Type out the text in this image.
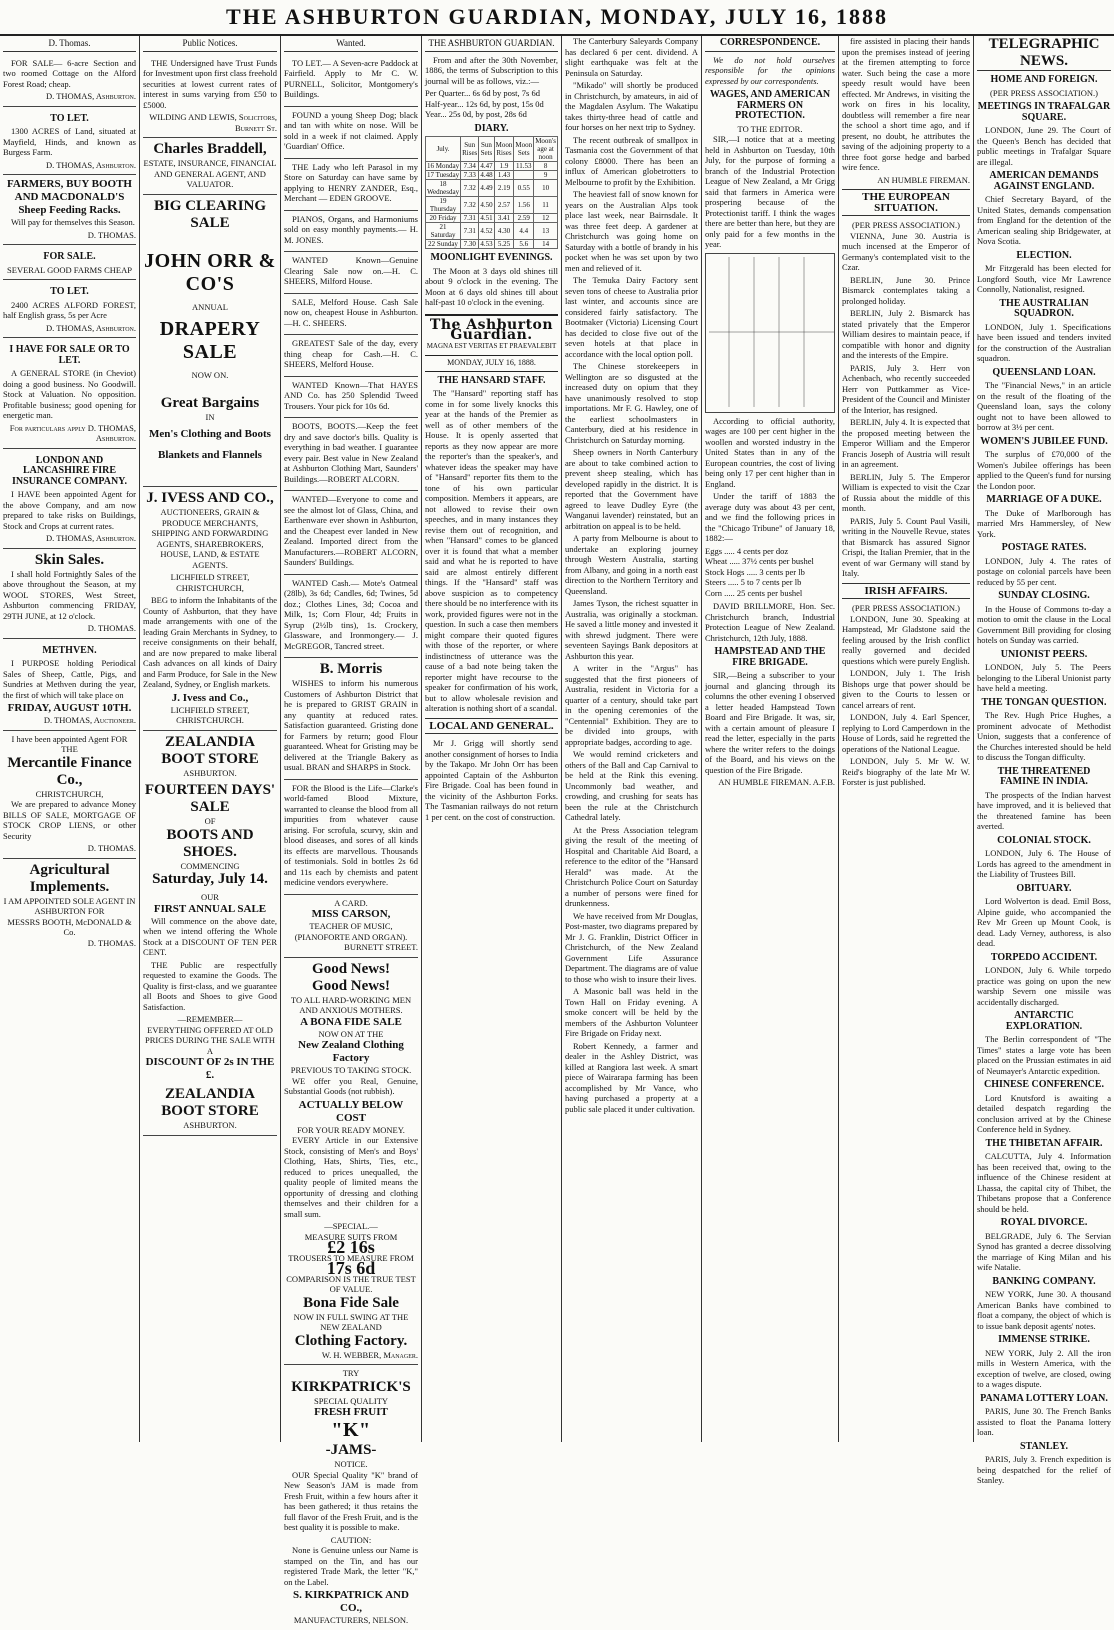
THE ASHBURTON GUARDIAN, MONDAY, JULY 16, 1888
D. Thomas.

FOR SALE— 6-acre Section and two roomed Cottage on the Alford Forest Road; cheap.

D. THOMAS, Ashburton.
TO LET.

1300 ACRES of Land, situated at Mayfield, Hinds, and known as Burgess Farm.

D. THOMAS, Ashburton.
FARMERS, BUY BOOTH AND MACDONALD'S Sheep Feeding Racks.

Will pay for themselves this Season.

D. THOMAS.
FOR SALE.
SEVERAL GOOD FARMS CHEAP
TO LET.

2400 ACRES ALFORD FOREST, half English grass, 5s per Acre

D. THOMAS, Ashburton.
I HAVE FOR SALE OR TO LET.

A GENERAL STORE (in Cheviot) doing a good business. No Goodwill. Stock at Valuation. No opposition. Profitable business; good opening for energetic man.

For particulars apply D. THOMAS, Ashburton.
LONDON AND LANCASHIRE FIRE INSURANCE COMPANY.

I HAVE been appointed Agent for the above Company, and am now prepared to take risks on Buildings, Stock and Crops at current rates.

D. THOMAS, Ashburton.
Skin Sales.

I shall hold Fortnightly Sales of the above throughout the Season, at my WOOL STORES, West Street, Ashburton commencing FRIDAY, 29TH JUNE, at 12 o'clock.

D. THOMAS.
METHVEN.

I PURPOSE holding Periodical Sales of Sheep, Cattle, Pigs, and Sundries at Methven during the year, the first of which will take place on

FRIDAY, AUGUST 10TH.
D. THOMAS, Auctioneer.
I have been appointed Agent FOR THE
Mercantile Finance Co.,
CHRISTCHURCH,

We are prepared to advance Money BILLS OF SALE, MORTGAGE OF STOCK CROP LIENS, or other Security

D. THOMAS.
Agricultural Implements.
I AM APPOINTED SOLE AGENT IN ASHBURTON FOR
MESSRS BOOTH, McDONALD & Co.
D. THOMAS.
Public Notices.

THE Undersigned have Trust Funds for Investment upon first class freehold securities at lowest current rates of interest in sums varying from £50 to £5000.

WILDING AND LEWIS, Solicitors, Burnett St.
Charles Braddell,
ESTATE, INSURANCE, FINANCIAL AND GENERAL AGENT, AND VALUATOR.
BIG CLEARING SALE
JOHN ORR & CO'S
ANNUAL
DRAPERY SALE
NOW ON.
Great Bargains
IN
Men's Clothing and Boots
Blankets and Flannels
J. IVESS AND CO.,
AUCTIONEERS, GRAIN & PRODUCE MERCHANTS, SHIPPING AND FORWARDING AGENTS, SHAREBROKERS, HOUSE, LAND, & ESTATE AGENTS.
LICHFIELD STREET, CHRISTCHURCH,

BEG to inform the Inhabitants of the County of Ashburton, that they have made arrangements with one of the leading Grain Merchants in Sydney, to receive consignments on their behalf, and are now prepared to make liberal Cash advances on all kinds of Dairy and Farm Produce, for Sale in the New Zealand, Sydney, or English markets.

J. Ivess and Co.,
LICHFIELD STREET, CHRISTCHURCH.
ZEALANDIA
BOOT STORE
ASHBURTON.
FOURTEEN DAYS' SALE
OF
BOOTS AND SHOES.
COMMENCING
Saturday, July 14.
OUR
FIRST ANNUAL SALE

Will commence on the above date, when we intend offering the Whole Stock at a DISCOUNT OF TEN PER CENT.

THE Public are respectfully requested to examine the Goods. The Quality is first-class, and we guarantee all Boots and Shoes to give Good Satisfaction.

—REMEMBER—
EVERYTHING OFFERED AT OLD PRICES DURING THE SALE WITH A
DISCOUNT OF 2s IN THE £.
ZEALANDIA
BOOT STORE
ASHBURTON.
Wanted.

TO LET.— A Seven-acre Paddock at Fairfield. Apply to Mr C. W. PURNELL, Solicitor, Montgomery's Buildings.

FOUND a young Sheep Dog; black and tan with white on nose. Will be sold in a week if not claimed. Apply 'Guardian' Office.

THE Lady who left Parasol in my Store on Saturday can have same by applying to HENRY ZANDER, Esq., Merchant — EDEN GROOVE.

PIANOS, Organs, and Harmoniums sold on easy monthly payments.— H. M. JONES.

WANTED Known—Genuine Clearing Sale now on.—H. C. SHEERS, Milford House.

SALE, Melford House. Cash Sale now on, cheapest House in Ashburton.—H. C. SHEERS.

GREATEST Sale of the day, every thing cheap for Cash.—H. C. SHEERS, Melford House.

WANTED Known—That HAYES AND Co. has 250 Splendid Tweed Trousers. Your pick for 10s 6d.

BOOTS, BOOTS.—Keep the feet dry and save doctor's bills. Quality is everything in bad weather. I guarantee every pair. Best value in New Zealand at Ashburton Clothing Mart, Saunders' Buildings.—ROBERT ALCORN.

WANTED—Everyone to come and see the almost lot of Glass, China, and Earthenware ever shown in Ashburton, and the Cheapest ever landed in New Zealand. Imported direct from the Manufacturers.—ROBERT ALCORN, Saunders' Buildings.

WANTED Cash.— Mote's Oatmeal (28lb), 3s 6d; Candles, 6d; Twines, 5d doz.; Clothes Lines, 3d; Cocoa and Milk, 1s; Corn Flour, 4d; Fruits in Syrup (2½lb tins), 1s. Crockery, Glassware, and Ironmongery.— J. McGREGOR, Tancred street.

B. Morris

WISHES to inform his numerous Customers of Ashburton District that he is prepared to GRIST GRAIN in any quantity at reduced rates. Satisfaction guaranteed. Gristing done for Farmers by return; good Flour guaranteed. Wheat for Gristing may be delivered at the Triangle Bakery as usual. BRAN and SHARPS in Stock.

FOR the Blood is the Life—Clarke's world-famed Blood Mixture, warranted to cleanse the blood from all impurities from whatever cause arising. For scrofula, scurvy, skin and blood diseases, and sores of all kinds its effects are marvellous. Thousands of testimonials. Sold in bottles 2s 6d and 11s each by chemists and patent medicine vendors everywhere.

A CARD.
MISS CARSON,
TEACHER OF MUSIC, (PIANOFORTE AND ORGAN).
BURNETT STREET.
Good News!
Good News!
TO ALL HARD-WORKING MEN AND ANXIOUS MOTHERS.
A BONA FIDE SALE
NOW ON AT THE
New Zealand Clothing Factory
PREVIOUS TO TAKING STOCK.

WE offer you Real, Genuine, Substantial Goods (not rubbish).

ACTUALLY BELOW COST
FOR YOUR READY MONEY.

EVERY Article in our Extensive Stock, consisting of Men's and Boys' Clothing, Hats, Shirts, Ties, etc., reduced to prices unequalled, the quality people of limited means the opportunity of dressing and clothing themselves and their children for a small sum.

—SPECIAL.—
MEASURE SUITS FROM
£2 16s
TROUSERS TO MEASURE FROM
17s 6d
COMPARISON IS THE TRUE TEST OF VALUE.
Bona Fide Sale
NOW IN FULL SWING AT THE NEW ZEALAND
Clothing Factory.
W. H. WEBBER, Manager.
TRY
KIRKPATRICK'S
SPECIAL QUALITY
FRESH FRUIT
"K"
-JAMS-
NOTICE.

OUR Special Quality "K" brand of New Season's JAM is made from Fresh Fruit, within a few hours after it has been gathered; it thus retains the full flavor of the Fresh Fruit, and is the best quality it is possible to make.

CAUTION:

None is Genuine unless our Name is stamped on the Tin, and has our registered Trade Mark, the letter "K," on the Label.

S. KIRKPATRICK AND CO.,
MANUFACTURERS, NELSON.
THE ASHBURTON GUARDIAN.

From and after the 30th November, 1886, the terms of Subscription to this journal will be as follows, viz.:—

Per Quarter... 6s 6d by post, 7s 6d
Half-year... 12s 6d, by post, 15s 0d
Year... 25s 0d, by post, 28s 6d
DIARY.
July.	Sun Rises	Sun Sets	Moon Rises	Moon Sets	Moon's age at noon
16 Monday	7.34	4.47	1.9	11.53	8
17 Tuesday	7.33	4.48	1.43		9
18 Wednesday	7.32	4.49	2.19	0.55	10
19 Thursday	7.32	4.50	2.57	1.56	11
20 Friday	7.31	4.51	3.41	2.59	12
21 Saturday	7.31	4.52	4.30	4.4	13
22 Sunday	7.30	4.53	5.25	5.6	14
MOONLIGHT EVENINGS.

The Moon at 3 days old shines till about 9 o'clock in the evening. The Moon at 6 days old shines till about half-past 10 o'clock in the evening.

The Ashburton Guardian.
MAGNA EST VERITAS ET PRAEVALEBIT
MONDAY, JULY 16, 1888.
THE HANSARD STAFF.

The "Hansard" reporting staff has come in for some lively knocks this year at the hands of the Premier as well as of other members of the House. It is openly asserted that reports as they now appear are more the reporter's than the speaker's, and whatever ideas the speaker may have of "Hansard" reporter fits them to the tone of his own particular composition. Members it appears, are not allowed to revise their own speeches, and in many instances they revise them out of recognition, and when "Hansard" comes to be glanced over it is found that what a member said and what he is reported to have said are almost entirely different things. If the "Hansard" staff was above suspicion as to competency there should be no interference with its work, provided figures were not in the question. In such a case then members might compare their quoted figures with those of the reporter, or where indistinctness of utterance was the cause of a bad note being taken the reporter might have recourse to the speaker for confirmation of his work, but to allow wholesale revision and alteration is nothing short of a scandal.

LOCAL AND GENERAL.

Mr J. Grigg will shortly send another consignment of horses to India by the Takapo. Mr John Orr has been appointed Captain of the Ashburton Fire Brigade. Coal has been found in the vicinity of the Ashburton Forks. The Tasmanian railways do not return 1 per cent. on the cost of construction.

The Canterbury Saleyards Company has declared 6 per cent. dividend. A slight earthquake was felt at the Peninsula on Saturday.

"Mikado" will shortly be produced in Christchurch, by amateurs, in aid of the Magdalen Asylum. The Wakatipu takes thirty-three head of cattle and four horses on her next trip to Sydney.

The recent outbreak of smallpox in Tasmania cost the Government of that colony £8000. There has been an influx of American globetrotters to Melbourne to profit by the Exhibition.

The heaviest fall of snow known for years on the Australian Alps took place last week, near Bairnsdale. It was three feet deep. A gardener at Christchurch was going home on Saturday with a bottle of brandy in his pocket when he was set upon by two men and relieved of it.

The Temuka Dairy Factory sent seven tons of cheese to Australia prior last winter, and accounts since are considered fairly satisfactory. The Bootmaker (Victoria) Licensing Court has decided to close five out of the seven hotels at that place in accordance with the local option poll.

The Chinese storekeepers in Wellington are so disgusted at the increased duty on opium that they have unanimously resolved to stop importations. Mr F. G. Hawley, one of the earliest schoolmasters in Canterbury, died at his residence in Christchurch on Saturday morning.

Sheep owners in North Canterbury are about to take combined action to prevent sheep stealing, which has developed rapidly in the district. It is reported that the Government have agreed to leave Dudley Eyre (the Wanganui lavender) reinstated, but an arbitration on appeal is to be held.

A party from Melbourne is about to undertake an exploring journey through Western Australia, starting from Albany, and going in a north east direction to the Northern Territory and Queensland.

James Tyson, the richest squatter in Australia, was originally a stockman. He saved a little money and invested it with shrewd judgment. There were seventeen Sayings Bank depositors at Ashburton this year.

A writer in the "Argus" has suggested that the first pioneers of Australia, resident in Victoria for a quarter of a century, should take part in the opening ceremonies of the "Centennial" Exhibition. They are to be divided into groups, with appropriate badges, according to age.

We would remind cricketers and others of the Ball and Cap Carnival to be held at the Rink this evening. Uncommonly bad weather, and crowding, and crushing for seats has been the rule at the Christchurch Cathedral lately.

At the Press Association telegram giving the result of the meeting of Hospital and Charitable Aid Board, a reference to the editor of the "Hansard Herald" was made. At the Christchurch Police Court on Saturday a number of persons were fined for drunkenness.

We have received from Mr Douglas, Post-master, two diagrams prepared by Mr J. G. Franklin, District Officer in Christchurch, of the New Zealand Government Life Assurance Department. The diagrams are of value to those who wish to insure their lives.

A Masonic ball was held in the Town Hall on Friday evening. A smoke concert will be held by the members of the Ashburton Volunteer Fire Brigade on Friday next.

Robert Kennedy, a farmer and dealer in the Ashley District, was killed at Rangiora last week. A smart piece of Wairarapa farming has been accomplished by Mr Vance, who having purchased a property at a public sale placed it under cultivation.

CORRESPONDENCE.

We do not hold ourselves responsible for the opinions expressed by our correspondents.

WAGES, AND AMERICAN FARMERS ON PROTECTION.
TO THE EDITOR.

SIR,—I notice that at a meeting held in Ashburton on Tuesday, 10th July, for the purpose of forming a branch of the Industrial Protection League of New Zealand, a Mr Grigg said that farmers in America were prospering because of the Protectionist tariff. I think the wages there are better than here, but they are only paid for a few months in the year.

According to official authority, wages are 100 per cent higher in the woollen and worsted industry in the United States than in any of the European countries, the cost of living being only 17 per cent higher than in England.

Under the tariff of 1883 the average duty was about 43 per cent, and we find the following prices in the "Chicago Tribune" of January 18, 1882:—

Eggs ..... 4 cents per doz
Wheat ..... 37½ cents per bushel
Stock Hogs ..... 3 cents per lb
Steers ..... 5 to 7 cents per lb
Corn ..... 25 cents per bushel

DAVID BRILLMORE, Hon. Sec. Christchurch branch, Industrial Protection League of New Zealand. Christchurch, 12th July, 1888.

HAMPSTEAD AND THE FIRE BRIGADE.

SIR,—Being a subscriber to your journal and glancing through its columns the other evening I observed a letter headed Hampstead Town Board and Fire Brigade. It was, sir, with a certain amount of pleasure I read the letter, especially in the parts where the writer refers to the doings of the Board, and his views on the question of the Fire Brigade.

AN HUMBLE FIREMAN. A.F.B.

fire assisted in placing their hands upon the premises instead of jeering at the firemen attempting to force water. Such being the case a more speedy result would have been effected. Mr Andrews, in visiting the work on fires in his locality, doubtless will remember a fire near the school a short time ago, and if present, no doubt, he attributes the saving of the adjoining property to a three foot gorse hedge and barbed wire fence.

AN HUMBLE FIREMAN.
THE EUROPEAN SITUATION.
(PER PRESS ASSOCIATION.)

VIENNA, June 30. Austria is much incensed at the Emperor of Germany's contemplated visit to the Czar.

BERLIN, June 30. Prince Bismarck contemplates taking a prolonged holiday.

BERLIN, July 2. Bismarck has stated privately that the Emperor William desires to maintain peace, if compatible with honor and dignity and the interests of the Empire.

PARIS, July 3. Herr von Achenbach, who recently succeeded Herr von Puttkammer as Vice-President of the Council and Minister of the Interior, has resigned.

BERLIN, July 4. It is expected that the proposed meeting between the Emperor William and the Emperor Francis Joseph of Austria will result in an agreement.

BERLIN, July 5. The Emperor William is expected to visit the Czar of Russia about the middle of this month.

PARIS, July 5. Count Paul Vasili, writing in the Nouvelle Revue, states that Bismarck has assured Signor Crispi, the Italian Premier, that in the event of war Germany will stand by Italy.

IRISH AFFAIRS.
(PER PRESS ASSOCIATION.)

LONDON, June 30. Speaking at Hampstead, Mr Gladstone said the feeling aroused by the Irish conflict really governed and decided questions which were purely English.

LONDON, July 1. The Irish Bishops urge that power should be given to the Courts to lessen or cancel arrears of rent.

LONDON, July 4. Earl Spencer, replying to Lord Camperdown in the House of Lords, said he regretted the operations of the National League.

LONDON, July 5. Mr W. W. Reid's biography of the late Mr W. Forster is just published.

TELEGRAPHIC NEWS.
HOME AND FOREIGN.
(PER PRESS ASSOCIATION.)
MEETINGS IN TRAFALGAR SQUARE.

LONDON, June 29. The Court of the Queen's Bench has decided that public meetings in Trafalgar Square are illegal.

AMERICAN DEMANDS AGAINST ENGLAND.

Chief Secretary Bayard, of the United States, demands compensation from England for the detention of the American sealing ship Bridgewater, at Nova Scotia.

ELECTION.

Mr Fitzgerald has been elected for Longford South, vice Mr Lawrence Connolly, Nationalist, resigned.

THE AUSTRALIAN SQUADRON.

LONDON, July 1. Specifications have been issued and tenders invited for the construction of the Australian squadron.

QUEENSLAND LOAN.

The "Financial News," in an article on the result of the floating of the Queensland loan, says the colony ought not to have been allowed to borrow at 3½ per cent.

WOMEN'S JUBILEE FUND.

The surplus of £70,000 of the Women's Jubilee offerings has been applied to the Queen's fund for nursing the London poor.

MARRIAGE OF A DUKE.

The Duke of Marlborough has married Mrs Hammersley, of New York.

POSTAGE RATES.

LONDON, July 4. The rates of postage on colonial parcels have been reduced by 55 per cent.

SUNDAY CLOSING.

In the House of Commons to-day a motion to omit the clause in the Local Government Bill providing for closing hotels on Sunday was carried.

UNIONIST PEERS.

LONDON, July 5. The Peers belonging to the Liberal Unionist party have held a meeting.

THE TONGAN QUESTION.

The Rev. Hugh Price Hughes, a prominent advocate of Methodist Union, suggests that a conference of the Churches interested should be held to discuss the Tongan difficulty.

THE THREATENED FAMINE IN INDIA.

The prospects of the Indian harvest have improved, and it is believed that the threatened famine has been averted.

COLONIAL STOCK.

LONDON, July 6. The House of Lords has agreed to the amendment in the Liability of Trustees Bill.

OBITUARY.

Lord Wolverton is dead. Emil Boss, Alpine guide, who accompanied the Rev Mr Green up Mount Cook, is dead. Lady Verney, authoress, is also dead.

TORPEDO ACCIDENT.

LONDON, July 6. While torpedo practice was going on upon the new warship Severn one missile was accidentally discharged.

ANTARCTIC EXPLORATION.

The Berlin correspondent of "The Times" states a large vote has been placed on the Prussian estimates in aid of Neumayer's Antarctic expedition.

CHINESE CONFERENCE.

Lord Knutsford is awaiting a detailed despatch regarding the conclusion arrived at by the Chinese Conference held in Sydney.

THE THIBETAN AFFAIR.

CALCUTTA, July 4. Information has been received that, owing to the influence of the Chinese resident at Lhassa, the capital city of Thibet, the Thibetans propose that a Conference should be held.

ROYAL DIVORCE.

BELGRADE, July 6. The Servian Synod has granted a decree dissolving the marriage of King Milan and his wife Natalie.

BANKING COMPANY.

NEW YORK, June 30. A thousand American Banks have combined to float a company, the object of which is to issue bank deposit agents' notes.

IMMENSE STRIKE.

NEW YORK, July 2. All the iron mills in Western America, with the exception of twelve, are closed, owing to a wages dispute.

PANAMA LOTTERY LOAN.

PARIS, June 30. The French Banks assisted to float the Panama lottery loan.

STANLEY.

PARIS, July 3. French expedition is being despatched for the relief of Stanley.
